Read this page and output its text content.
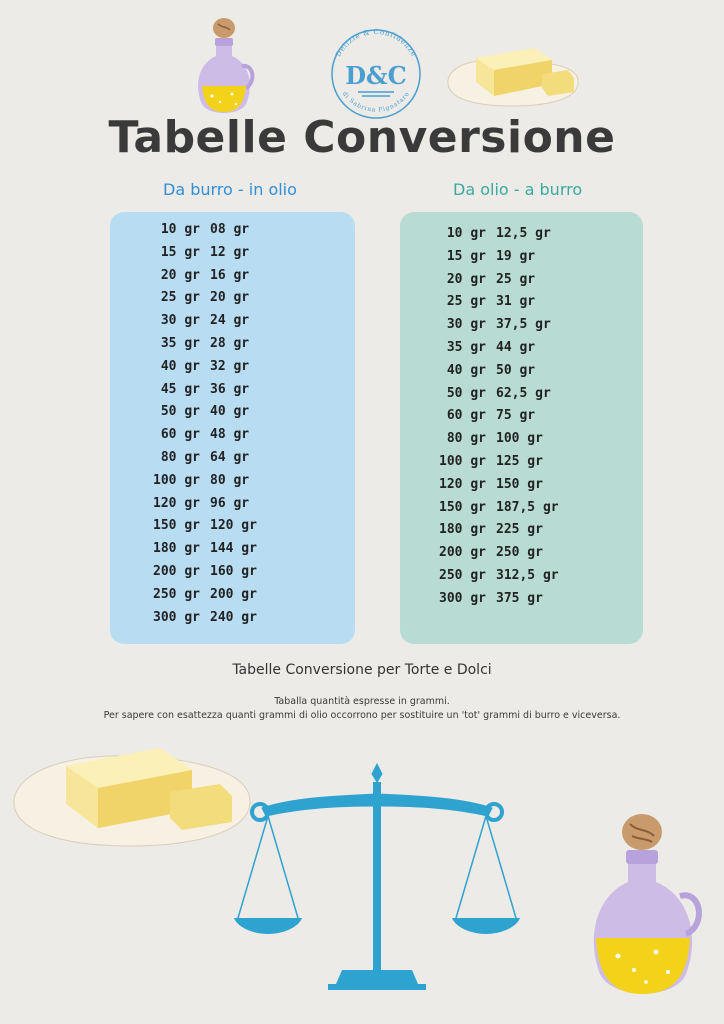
Delizie & Confidenze
di Sabrina Pignataro
D&C
Tabelle Conversione
Da burro - in olio	Da olio - a burro
10 gr 08 gr
15 gr 12 gr
20 gr 16 gr
25 gr 20 gr
30 gr 24 gr
35 gr 28 gr
40 gr 32 gr
45 gr 36 gr
50 gr 40 gr
60 gr 48 gr
80 gr 64 gr
100 gr 80 gr
120 gr 96 gr
150 gr 120 gr
180 gr 144 gr
200 gr 160 gr
250 gr 200 gr
300 gr 240 gr
10 gr 12,5 gr
15 gr 19 gr
20 gr 25 gr
25 gr 31 gr
30 gr 37,5 gr
35 gr 44 gr
40 gr 50 gr
50 gr 62,5 gr
60 gr 75 gr
80 gr 100 gr
100 gr 125 gr
120 gr 150 gr
150 gr 187,5 gr
180 gr 225 gr
200 gr 250 gr
250 gr 312,5 gr
300 gr 375 gr
Tabelle Conversione per Torte e Dolci
Taballa quantità espresse in grammi.
Per sapere con esattezza quanti grammi di olio occorrono per sostituire un 'tot' grammi di burro e viceversa.
